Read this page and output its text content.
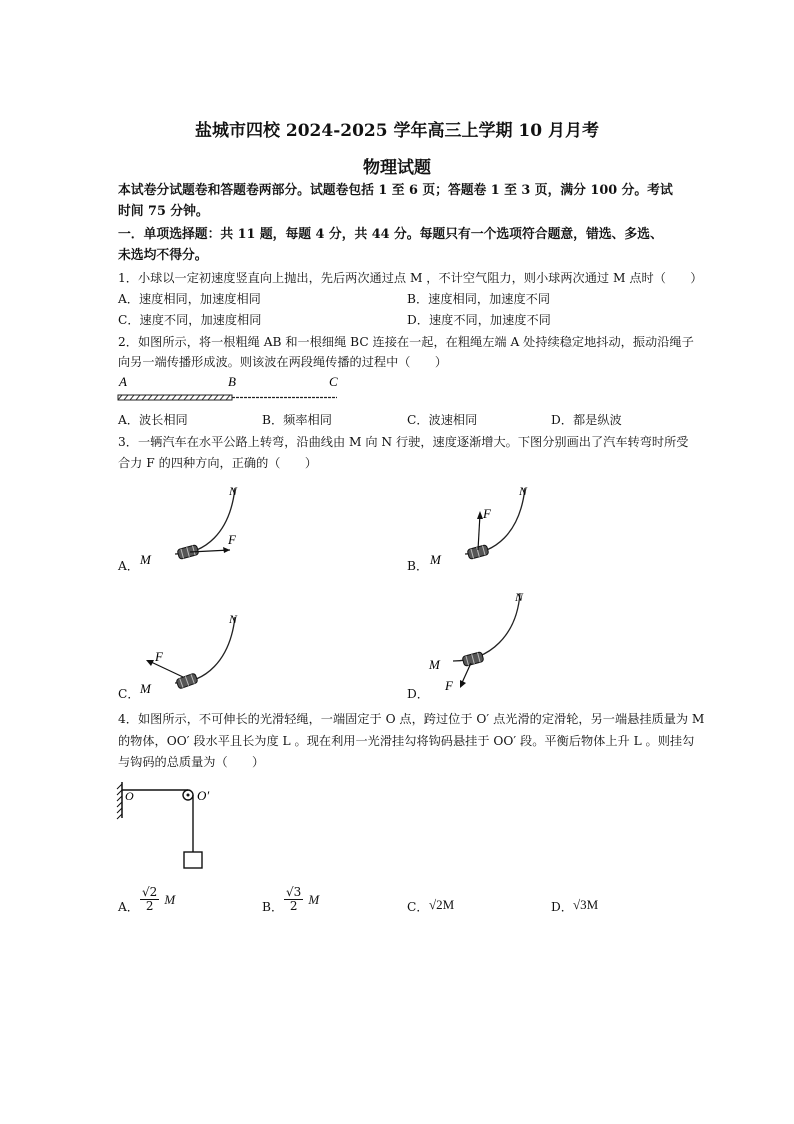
盐城市四校 2024-2025 学年高三上学期 10 月月考
物理试题
本试卷分试题卷和答题卷两部分。试题卷包括 1 至 6 页；答题卷 1 至 3 页，满分 100 分。考试
时间 75 分钟。
一．单项选择题：共 11 题，每题 4 分，共 44 分。每题只有一个选项符合题意，错选、多选、
未选均不得分。
1．小球以一定初速度竖直向上抛出，先后两次通过点 M ，不计空气阻力，则小球两次通过 M 点时（　　）
A．速度相同，加速度相同	B．速度相同，加速度不同
C．速度不同，加速度相同	D．速度不同，加速度不同
2．如图所示，将一根粗绳 AB 和一根细绳 BC 连接在一起，在粗绳左端 A 处持续稳定地抖动，振动沿绳子
向另一端传播形成波。则该波在两段绳传播的过程中（　　）
A	B	C
A．波长相同	B．频率相同	C．波速相同	D．都是纵波
3．一辆汽车在水平公路上转弯，沿曲线由 M 向 N 行驶，速度逐渐增大。下图分别画出了汽车转弯时所受
合力 F 的四种方向，正确的（　　）
A． M
N
F
B． M
N
F
C． M
N
F
D．
M
N
F
4．如图所示，不可伸长的光滑轻绳，一端固定于 O 点，跨过位于 O′ 点光滑的定滑轮，另一端悬挂质量为 M
的物体，OO′ 段水平且长为度 L 。现在利用一光滑挂勾将钩码悬挂于 OO′ 段。平衡后物体上升 L 。则挂勾
与钩码的总质量为（　　）
O	O′
A． $\frac{√2}{2}$ M	B． $\frac{√3}{2}$ M	C． √2M	D． √3M
